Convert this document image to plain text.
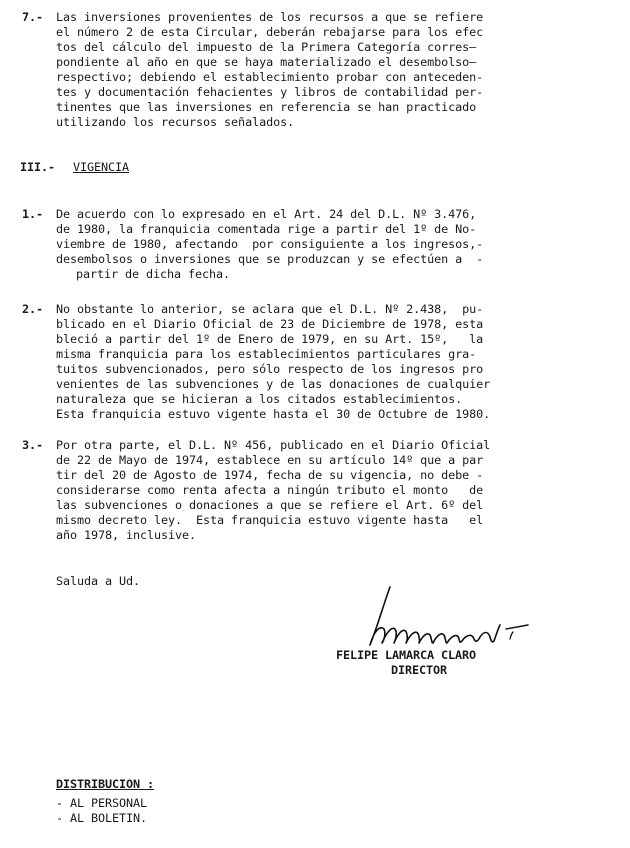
7.- Las inversiones provenientes de los recursos a que se refiere
el número 2 de esta Circular, deberán rebajarse para los efec
tos del cálculo del impuesto de la Primera Categoría corres—
pondiente al año en que se haya materializado el desembolso—
respectivo; debiendo el establecimiento probar con anteceden-
tes y documentación fehacientes y libros de contabilidad per-
tinentes que las inversiones en referencia se han practicado
utilizando los recursos señalados.
III.- VIGENCIA
1.- De acuerdo con lo expresado en el Art. 24 del D.L. Nº 3.476,
de 1980, la franquicia comentada rige a partir del 1º de No-
viembre de 1980, afectando  por consiguiente a los ingresos,-
desembolsos o inversiones que se produzcan y se efectúen a  -
partir de dicha fecha.
2.- No obstante lo anterior, se aclara que el D.L. Nº 2.438,  pu-
blicado en el Diario Oficial de 23 de Diciembre de 1978, esta
bleció a partir del 1º de Enero de 1979, en su Art. 15º,   la
misma franquicia para los establecimientos particulares gra-
tuitos subvencionados, pero sólo respecto de los ingresos pro
venientes de las subvenciones y de las donaciones de cualquier
naturaleza que se hicieran a los citados establecimientos.
Esta franquicia estuvo vigente hasta el 30 de Octubre de 1980.
3.- Por otra parte, el D.L. Nº 456, publicado en el Diario Oficial
de 22 de Mayo de 1974, establece en su artículo 14º que a par
tir del 20 de Agosto de 1974, fecha de su vigencia, no debe -
considerarse como renta afecta a ningún tributo el monto   de
las subvenciones o donaciones a que se refiere el Art. 6º del
mismo decreto ley.  Esta franquicia estuvo vigente hasta   el
año 1978, inclusive.
Saluda a Ud.
FELIPE LAMARCA CLARO
DIRECTOR
DISTRIBUCION :
- AL PERSONAL
- AL BOLETIN.
